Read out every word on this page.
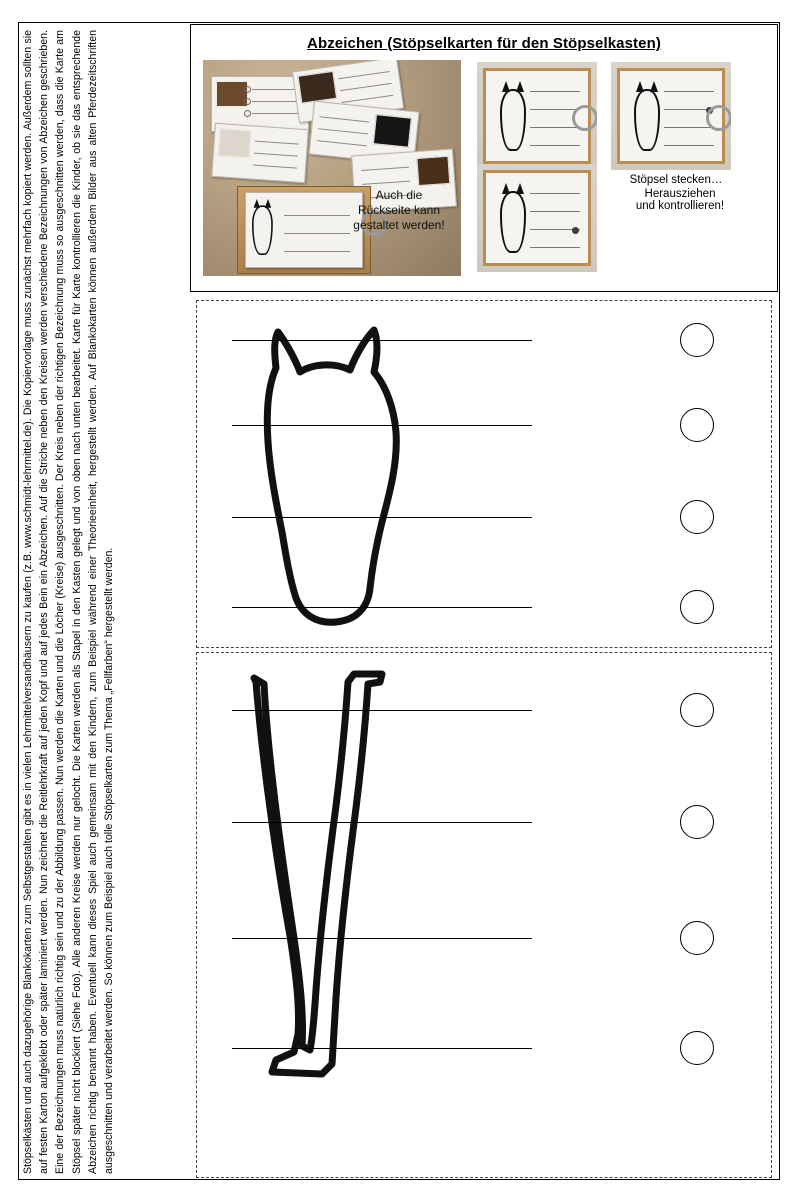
Stöpselkästen und auch dazugehörige Blankokarten zum Selbstgestalten gibt es in vielen Lehrmittelversandhäusern zu kaufen (z.B. www.schmidt-lehrmittel.de). Die Kopiervorlage muss zunächst mehrfach kopiert werden. Außerdem sollten sie auf festen Karton aufgeklebt oder später laminiert werden. Nun zeichnet die Reitlehrkraft auf jeden Kopf und auf jedes Bein ein Abzeichen. Auf die Striche neben den Kreisen werden verschiedene Bezeichnungen von Abzeichen geschrieben. Eine der Bezeichnungen muss natürlich richtig sein und zu der Abbildung passen. Nun werden die Karten und die Löcher (Kreise) ausgeschnitten. Der Kreis neben der richtigen Bezeichnung muss so ausgeschnitten werden, dass die Karte am Stöpsel später nicht blockiert (Siehe Foto). Alle anderen Kreise werden nur gelocht. Die Karten werden als Stapel in den Kasten gelegt und von oben nach unten bearbeitet. Karte für Karte kontrollieren die Kinder, ob sie das entsprechende Abzeichen richtig benannt haben. Eventuell kann dieses Spiel auch gemeinsam mit den Kindern, zum Beispiel während einer Theorieeinheit, hergestellt werden. Auf Blankokarten können außerdem Bilder aus alten Pferdezeitschriften ausgeschnitten und verarbeitet werden. So können zum Beispiel auch tolle Stöpselkarten zum Thema „Fellfarben“ hergestellt werden.
Abzeichen (Stöpselkarten für den Stöpselkasten)
Auch die
Rückseite kann
gestaltet werden!
Stöpsel stecken…
Herausziehen
und kontrollieren!
